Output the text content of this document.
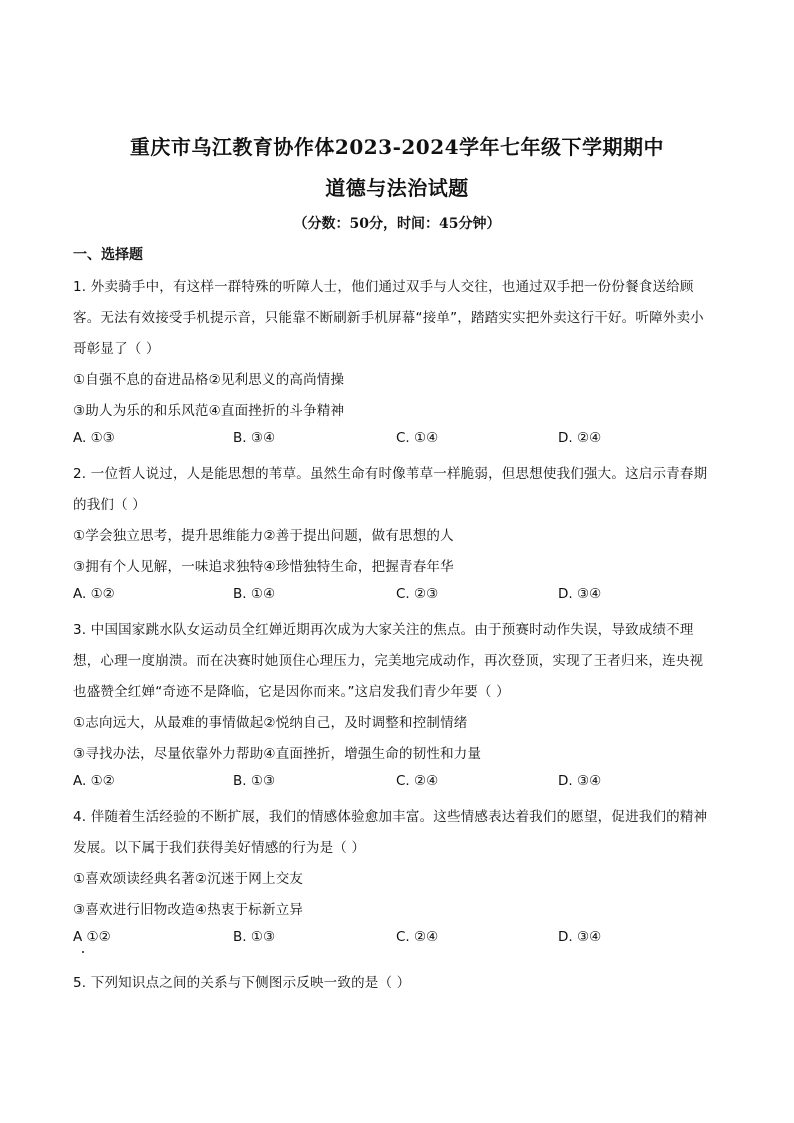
重庆市乌江教育协作体2023-2024学年七年级下学期期中
道德与法治试题
（分数：50分，时间：45分钟）
一、选择题
1. 外卖骑手中，有这样一群特殊的听障人士，他们通过双手与人交往，也通过双手把一份份餐食送给顾
客。无法有效接受手机提示音，只能靠不断刷新手机屏幕“接单”，踏踏实实把外卖这行干好。听障外卖小
哥彰显了（ ）
①自强不息的奋进品格②见利思义的高尚情操
③助人为乐的和乐风范④直面挫折的斗争精神
A. ①③	B. ③④	C. ①④	D. ②④
2. 一位哲人说过，人是能思想的苇草。虽然生命有时像苇草一样脆弱，但思想使我们强大。这启示青春期
的我们（ ）
①学会独立思考，提升思维能力②善于提出问题，做有思想的人
③拥有个人见解，一味追求独特④珍惜独特生命，把握青春年华
A. ①②	B. ①④	C. ②③	D. ③④
3. 中国国家跳水队女运动员全红婵近期再次成为大家关注的焦点。由于预赛时动作失误，导致成绩不理
想，心理一度崩溃。而在决赛时她顶住心理压力，完美地完成动作，再次登顶，实现了王者归来，连央视
也盛赞全红婵“奇迹不是降临，它是因你而来。”这启发我们青少年要（ ）
①志向远大，从最难的事情做起②悦纳自己，及时调整和控制情绪
③寻找办法，尽量依靠外力帮助④直面挫折，增强生命的韧性和力量
A. ①②	B. ①③	C. ②④	D. ③④
4. 伴随着生活经验的不断扩展，我们的情感体验愈加丰富。这些情感表达着我们的愿望，促进我们的精神
发展。以下属于我们获得美好情感的行为是（ ）
①喜欢颂读经典名著②沉迷于网上交友
③喜欢进行旧物改造④热衷于标新立异
A ①②	B. ①③	C. ②④	D. ③④
5. 下列知识点之间的关系与下侧图示反映一致的是（ ）
